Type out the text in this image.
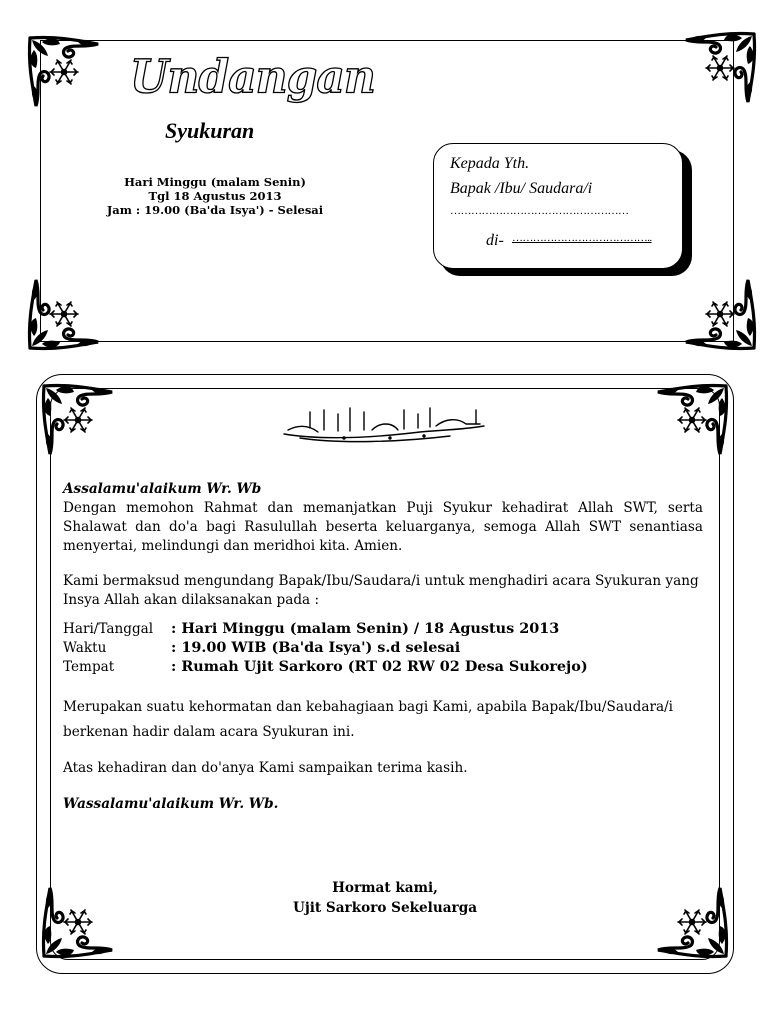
Undangan
Syukuran
Hari Minggu (malam Senin)
Tgl 18 Agustus 2013
Jam : 19.00 (Ba'da Isya') - Selesai
Kepada Yth.
Bapak /Ibu/ Saudara/i
……………………………………………
di- …………………………………..
Assalamu'alaikum Wr. Wb
Dengan memohon Rahmat dan memanjatkan Puji Syukur kehadirat Allah SWT, serta Shalawat dan do'a bagi Rasulullah beserta keluarganya, semoga Allah SWT senantiasa menyertai, melindungi dan meridhoi kita. Amien.
Kami bermaksud mengundang Bapak/Ibu/Saudara/i untuk menghadiri acara Syukuran yang Insya Allah akan dilaksanakan pada :
Hari/Tanggal : Hari Minggu (malam Senin) / 18 Agustus 2013
Waktu	: 19.00 WIB (Ba'da Isya') s.d selesai
Tempat	: Rumah Ujit Sarkoro (RT 02 RW 02 Desa Sukorejo)
Merupakan suatu kehormatan dan kebahagiaan bagi Kami, apabila Bapak/Ibu/Saudara/i berkenan hadir dalam acara Syukuran ini.
Atas kehadiran dan do'anya Kami sampaikan terima kasih.
Wassalamu'alaikum Wr. Wb.
Hormat kami,
Ujit Sarkoro Sekeluarga
